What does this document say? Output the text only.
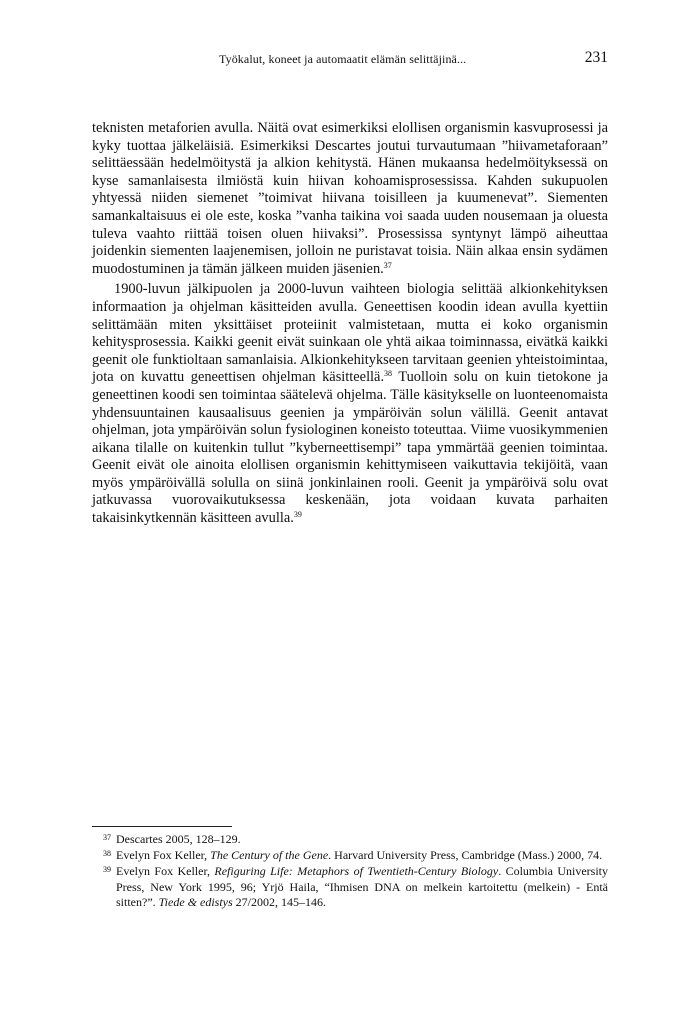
Työkalut, koneet ja automaatit elämän selittäjinä...	231

teknisten metaforien avulla. Näitä ovat esimerkiksi elollisen organismin kasvuprosessi ja kyky tuottaa jälkeläisiä. Esimerkiksi Descartes joutui turvautumaan ”hiivametaforaan” selittäessään hedelmöitystä ja alkion kehitystä. Hänen mukaansa hedelmöityksessä on kyse samanlaisesta ilmiöstä kuin hiivan kohoamisprosessissa. Kahden sukupuolen yhtyessä niiden siemenet ”toimivat hiivana toisilleen ja kuumenevat”. Siementen samankaltaisuus ei ole este, koska ”vanha taikina voi saada uuden nousemaan ja oluesta tuleva vaahto riittää toisen oluen hiivaksi”. Prosessissa syntynyt lämpö aiheuttaa joidenkin siementen laajenemisen, jolloin ne puristavat toisia. Näin alkaa ensin sydämen muodostuminen ja tämän jälkeen muiden jäsenien.$^{37}$

1900-luvun jälkipuolen ja 2000-luvun vaihteen biologia selittää alkionkehityksen informaation ja ohjelman käsitteiden avulla. Geneettisen koodin idean avulla kyettiin selittämään miten yksittäiset proteiinit valmistetaan, mutta ei koko organismin kehitysprosessia. Kaikki geenit eivät suinkaan ole yhtä aikaa toiminnassa, eivätkä kaikki geenit ole funktioltaan samanlaisia. Alkionkehitykseen tarvitaan geenien yhteistoimintaa, jota on kuvattu geneettisen ohjelman käsitteellä.$^{38}$ Tuolloin solu on kuin tietokone ja geneettinen koodi sen toimintaa säätelevä ohjelma. Tälle käsitykselle on luonteenomaista yhdensuuntainen kausaalisuus geenien ja ympäröivän solun välillä. Geenit antavat ohjelman, jota ympäröivän solun fysiologinen koneisto toteuttaa. Viime vuosikymmenien aikana tilalle on kuitenkin tullut ”kyberneettisempi” tapa ymmärtää geenien toimintaa. Geenit eivät ole ainoita elollisen organismin kehittymiseen vaikuttavia tekijöitä, vaan myös ympäröivällä solulla on siinä jonkinlainen rooli. Geenit ja ympäröivä solu ovat jatkuvassa vuorovaikutuksessa keskenään, jota voidaan kuvata parhaiten takaisinkytkennän käsitteen avulla.$^{39}$

37 Descartes 2005, 128–129.
38 Evelyn Fox Keller, The Century of the Gene. Harvard University Press, Cambridge (Mass.) 2000, 74.
39 Evelyn Fox Keller, Refiguring Life: Metaphors of Twentieth-Century Biology. Columbia University Press, New York 1995, 96; Yrjö Haila, “Ihmisen DNA on melkein kartoitettu (melkein) - Entä sitten?”. Tiede & edistys 27/2002, 145–146.
